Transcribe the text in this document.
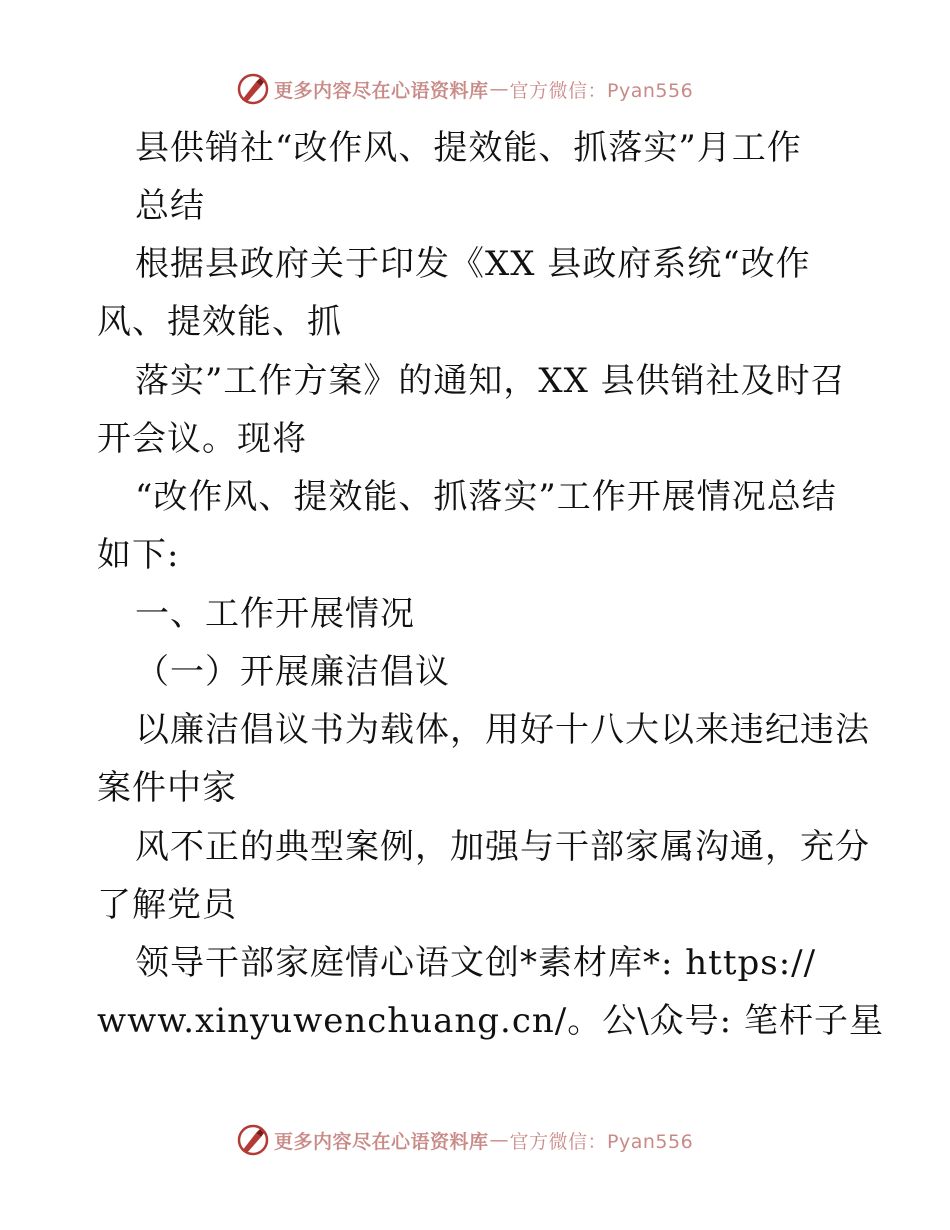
更多内容尽在心语资料库 — 官方微信：Pyan556
县供销社“改作风、提效能、抓落实”月工作
总结
根据县政府关于印发《XX 县政府系统“改作
风、提效能、抓
落实”工作方案》的通知，XX 县供销社及时召
开会议。现将
“改作风、提效能、抓落实”工作开展情况总结
如下:
一、工作开展情况
（一）开展廉洁倡议
以廉洁倡议书为载体，用好十八大以来违纪违法
案件中家
风不正的典型案例，加强与干部家属沟通，充分
了解党员
领导干部家庭情心语文创*素材库*: https://
www.xinyuwenchuang.cn/。公\众号: 笔杆子星
更多内容尽在心语资料库 — 官方微信：Pyan556
